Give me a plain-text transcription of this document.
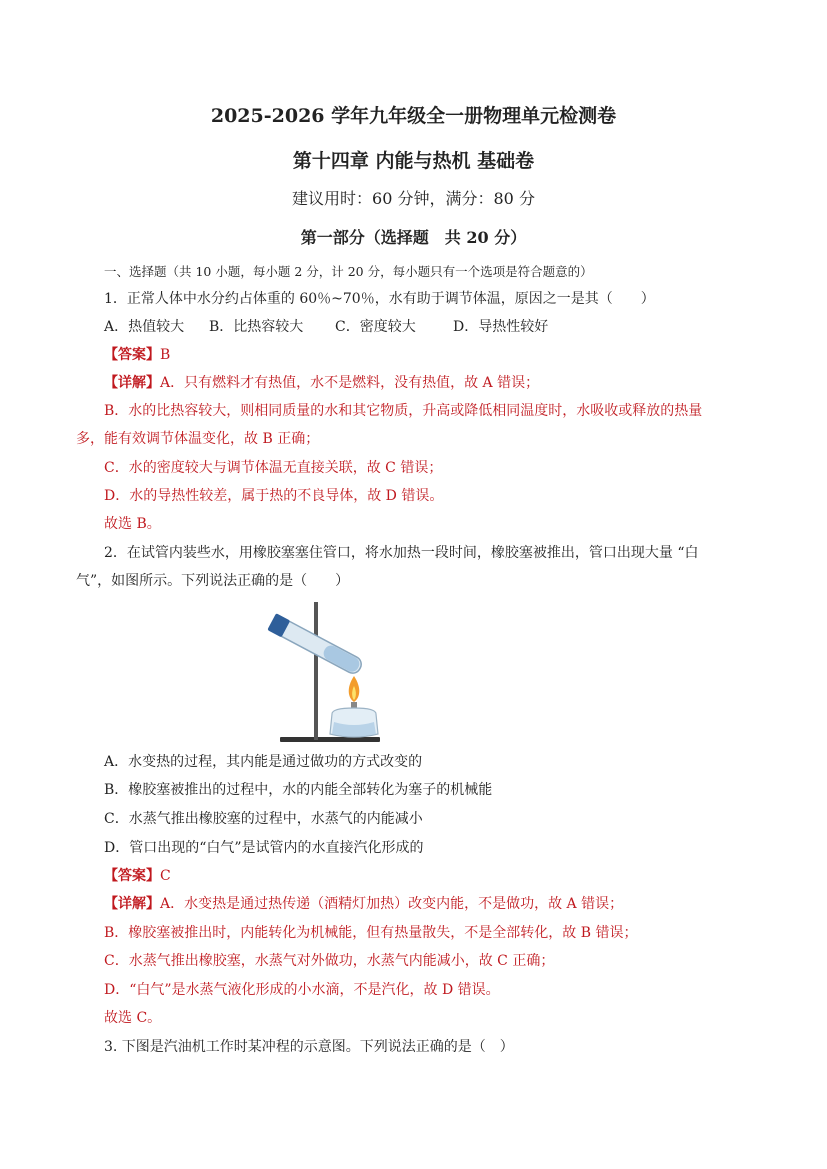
2025-2026 学年九年级全一册物理单元检测卷
第十四章 内能与热机 基础卷
建议用时：60 分钟，满分：80 分
第一部分（选择题　共 20 分）
一、选择题（共 10 小题，每小题 2 分，计 20 分，每小题只有一个选项是符合题意的）
1．正常人体中水分约占体重的 60％~70％，水有助于调节体温，原因之一是其（　　）
A．热值较大 B．比热容较大 C．密度较大	D．导热性较好
【答案】B
【详解】A．只有燃料才有热值，水不是燃料，没有热值，故 A 错误；
B．水的比热容较大，则相同质量的水和其它物质，升高或降低相同温度时，水吸收或释放的热量
多，能有效调节体温变化，故 B 正确；
C．水的密度较大与调节体温无直接关联，故 C 错误；
D．水的导热性较差，属于热的不良导体，故 D 错误。
故选 B。
2．在试管内装些水，用橡胶塞塞住管口，将水加热一段时间，橡胶塞被推出，管口出现大量 “白
气”，如图所示。下列说法正确的是（　　）
A．水变热的过程，其内能是通过做功的方式改变的
B．橡胶塞被推出的过程中，水的内能全部转化为塞子的机械能
C．水蒸气推出橡胶塞的过程中，水蒸气的内能减小
D．管口出现的“白气”是试管内的水直接汽化形成的
【答案】C
【详解】A．水变热是通过热传递（酒精灯加热）改变内能，不是做功，故 A 错误；
B．橡胶塞被推出时，内能转化为机械能，但有热量散失，不是全部转化，故 B 错误；
C．水蒸气推出橡胶塞，水蒸气对外做功，水蒸气内能减小，故 C 正确；
D．“白气”是水蒸气液化形成的小水滴，不是汽化，故 D 错误。
故选 C。
3. 下图是汽油机工作时某冲程的示意图。下列说法正确的是（　）
